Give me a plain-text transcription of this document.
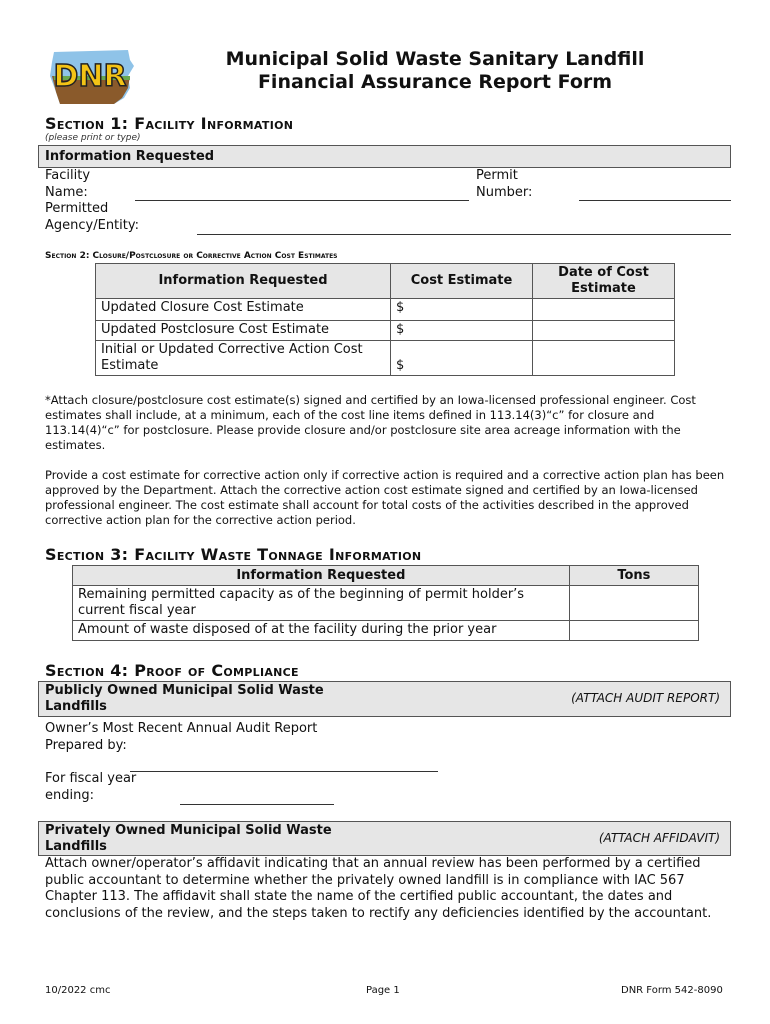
DNR	Municipal Solid Waste Sanitary Landfill
Financial Assurance Report Form
Section 1: Facility Information
(please print or type)
Information Requested
Facility Name:
Permit Number:
Permitted Agency/Entity:
Section 2: Closure/Postclosure or Corrective Action Cost Estimates
Information Requested	Cost Estimate	Date of Cost Estimate
Updated Closure Cost Estimate	$	
Updated Postclosure Cost Estimate	$	
Initial or Updated Corrective Action Cost Estimate	$	
*Attach closure/postclosure cost estimate(s) signed and certified by an Iowa-licensed professional engineer. Cost estimates shall include, at a minimum, each of the cost line items defined in 113.14(3)“c” for closure and 113.14(4)“c” for postclosure. Please provide closure and/or postclosure site area acreage information with the estimates.
Provide a cost estimate for corrective action only if corrective action is required and a corrective action plan has been approved by the Department. Attach the corrective action cost estimate signed and certified by an Iowa-licensed professional engineer. The cost estimate shall account for total costs of the activities described in the approved corrective action plan for the corrective action period.
Section 3: Facility Waste Tonnage Information
Information Requested	Tons
Remaining permitted capacity as of the beginning of permit holder’s current fiscal year	
Amount of waste disposed of at the facility during the prior year	
Section 4: Proof of Compliance
Publicly Owned Municipal Solid Waste Landfills
(ATTACH AUDIT REPORT)
Owner’s Most Recent Annual Audit Report Prepared by:
For fiscal year ending:
Privately Owned Municipal Solid Waste Landfills
(ATTACH AFFIDAVIT)
Attach owner/operator’s affidavit indicating that an annual review has been performed by a certified public accountant to determine whether the privately owned landfill is in compliance with IAC 567 Chapter 113. The affidavit shall state the name of the certified public accountant, the dates and conclusions of the review, and the steps taken to rectify any deficiencies identified by the accountant.
10/2022 cmc	Page 1	DNR Form 542-8090
